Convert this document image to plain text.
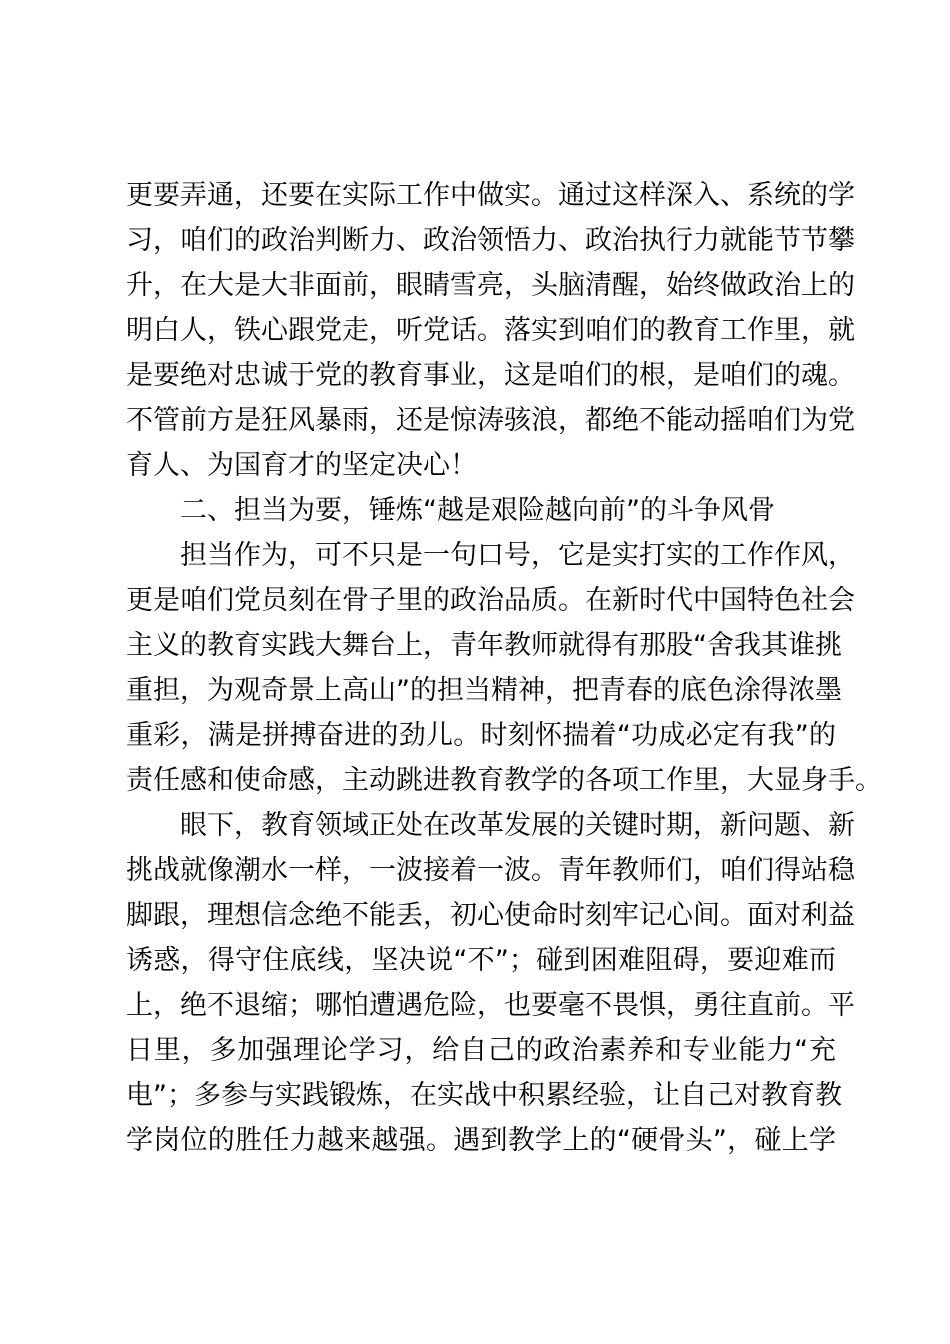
更要弄通，还要在实际工作中做实。通过这样深入、系统的学
习，咱们的政治判断力、政治领悟力、政治执行力就能节节攀
升，在大是大非面前，眼睛雪亮，头脑清醒，始终做政治上的
明白人，铁心跟党走，听党话。落实到咱们的教育工作里，就
是要绝对忠诚于党的教育事业，这是咱们的根，是咱们的魂。
不管前方是狂风暴雨，还是惊涛骇浪，都绝不能动摇咱们为党
育人、为国育才的坚定决心！
二、担当为要，锤炼“越是艰险越向前”的斗争风骨
担当作为，可不只是一句口号，它是实打实的工作作风，
更是咱们党员刻在骨子里的政治品质。在新时代中国特色社会
主义的教育实践大舞台上，青年教师就得有那股“舍我其谁挑
重担，为观奇景上高山”的担当精神，把青春的底色涂得浓墨
重彩，满是拼搏奋进的劲儿。时刻怀揣着“功成必定有我”的
责任感和使命感，主动跳进教育教学的各项工作里，大显身手。
眼下，教育领域正处在改革发展的关键时期，新问题、新
挑战就像潮水一样，一波接着一波。青年教师们，咱们得站稳
脚跟，理想信念绝不能丢，初心使命时刻牢记心间。面对利益
诱惑，得守住底线，坚决说“不”；碰到困难阻碍，要迎难而
上，绝不退缩；哪怕遭遇危险，也要毫不畏惧，勇往直前。平
日里，多加强理论学习，给自己的政治素养和专业能力“充
电”；多参与实践锻炼，在实战中积累经验，让自己对教育教
学岗位的胜任力越来越强。遇到教学上的“硬骨头”，碰上学
